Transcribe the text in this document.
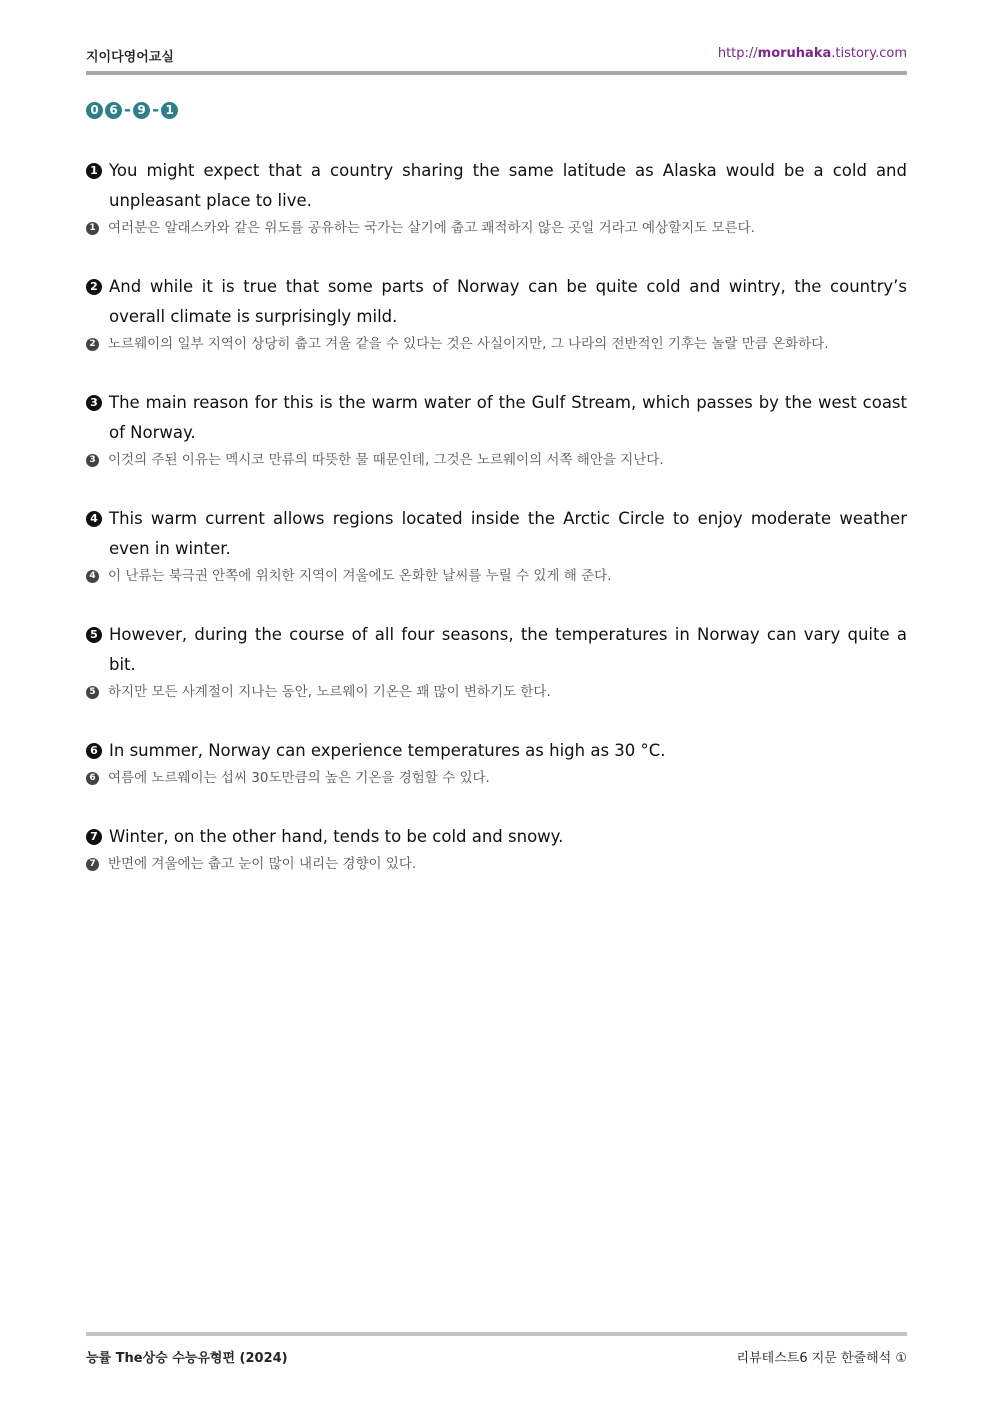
지이다영어교실	http://moruhaka.tistory.com
0 6 - 9 - 1
1 You might expect that a country sharing the same latitude as Alaska would be a cold and unpleasant place to live.
1 여러분은 알래스카와 같은 위도를 공유하는 국가는 살기에 춥고 쾌적하지 않은 곳일 거라고 예상할지도 모른다.
2 And while it is true that some parts of Norway can be quite cold and wintry, the country’s overall climate is surprisingly mild.
2 노르웨이의 일부 지역이 상당히 춥고 겨울 같을 수 있다는 것은 사실이지만, 그 나라의 전반적인 기후는 놀랄 만큼 온화하다.
3 The main reason for this is the warm water of the Gulf Stream, which passes by the west coast of Norway.
3 이것의 주된 이유는 멕시코 만류의 따뜻한 물 때문인데, 그것은 노르웨이의 서쪽 해안을 지난다.
4 This warm current allows regions located inside the Arctic Circle to enjoy moderate weather even in winter.
4 이 난류는 북극권 안쪽에 위치한 지역이 겨울에도 온화한 날씨를 누릴 수 있게 해 준다.
5 However, during the course of all four seasons, the temperatures in Norway can vary quite a bit.
5 하지만 모든 사계절이 지나는 동안, 노르웨이 기온은 꽤 많이 변하기도 한다.
6 In summer, Norway can experience temperatures as high as 30 °C.
6 여름에 노르웨이는 섭씨 30도만큼의 높은 기온을 경험할 수 있다.
7 Winter, on the other hand, tends to be cold and snowy.
7 반면에 겨울에는 춥고 눈이 많이 내리는 경향이 있다.
능률 The상승 수능유형편 (2024)	리뷰테스트6 지문 한줄해석 ①
